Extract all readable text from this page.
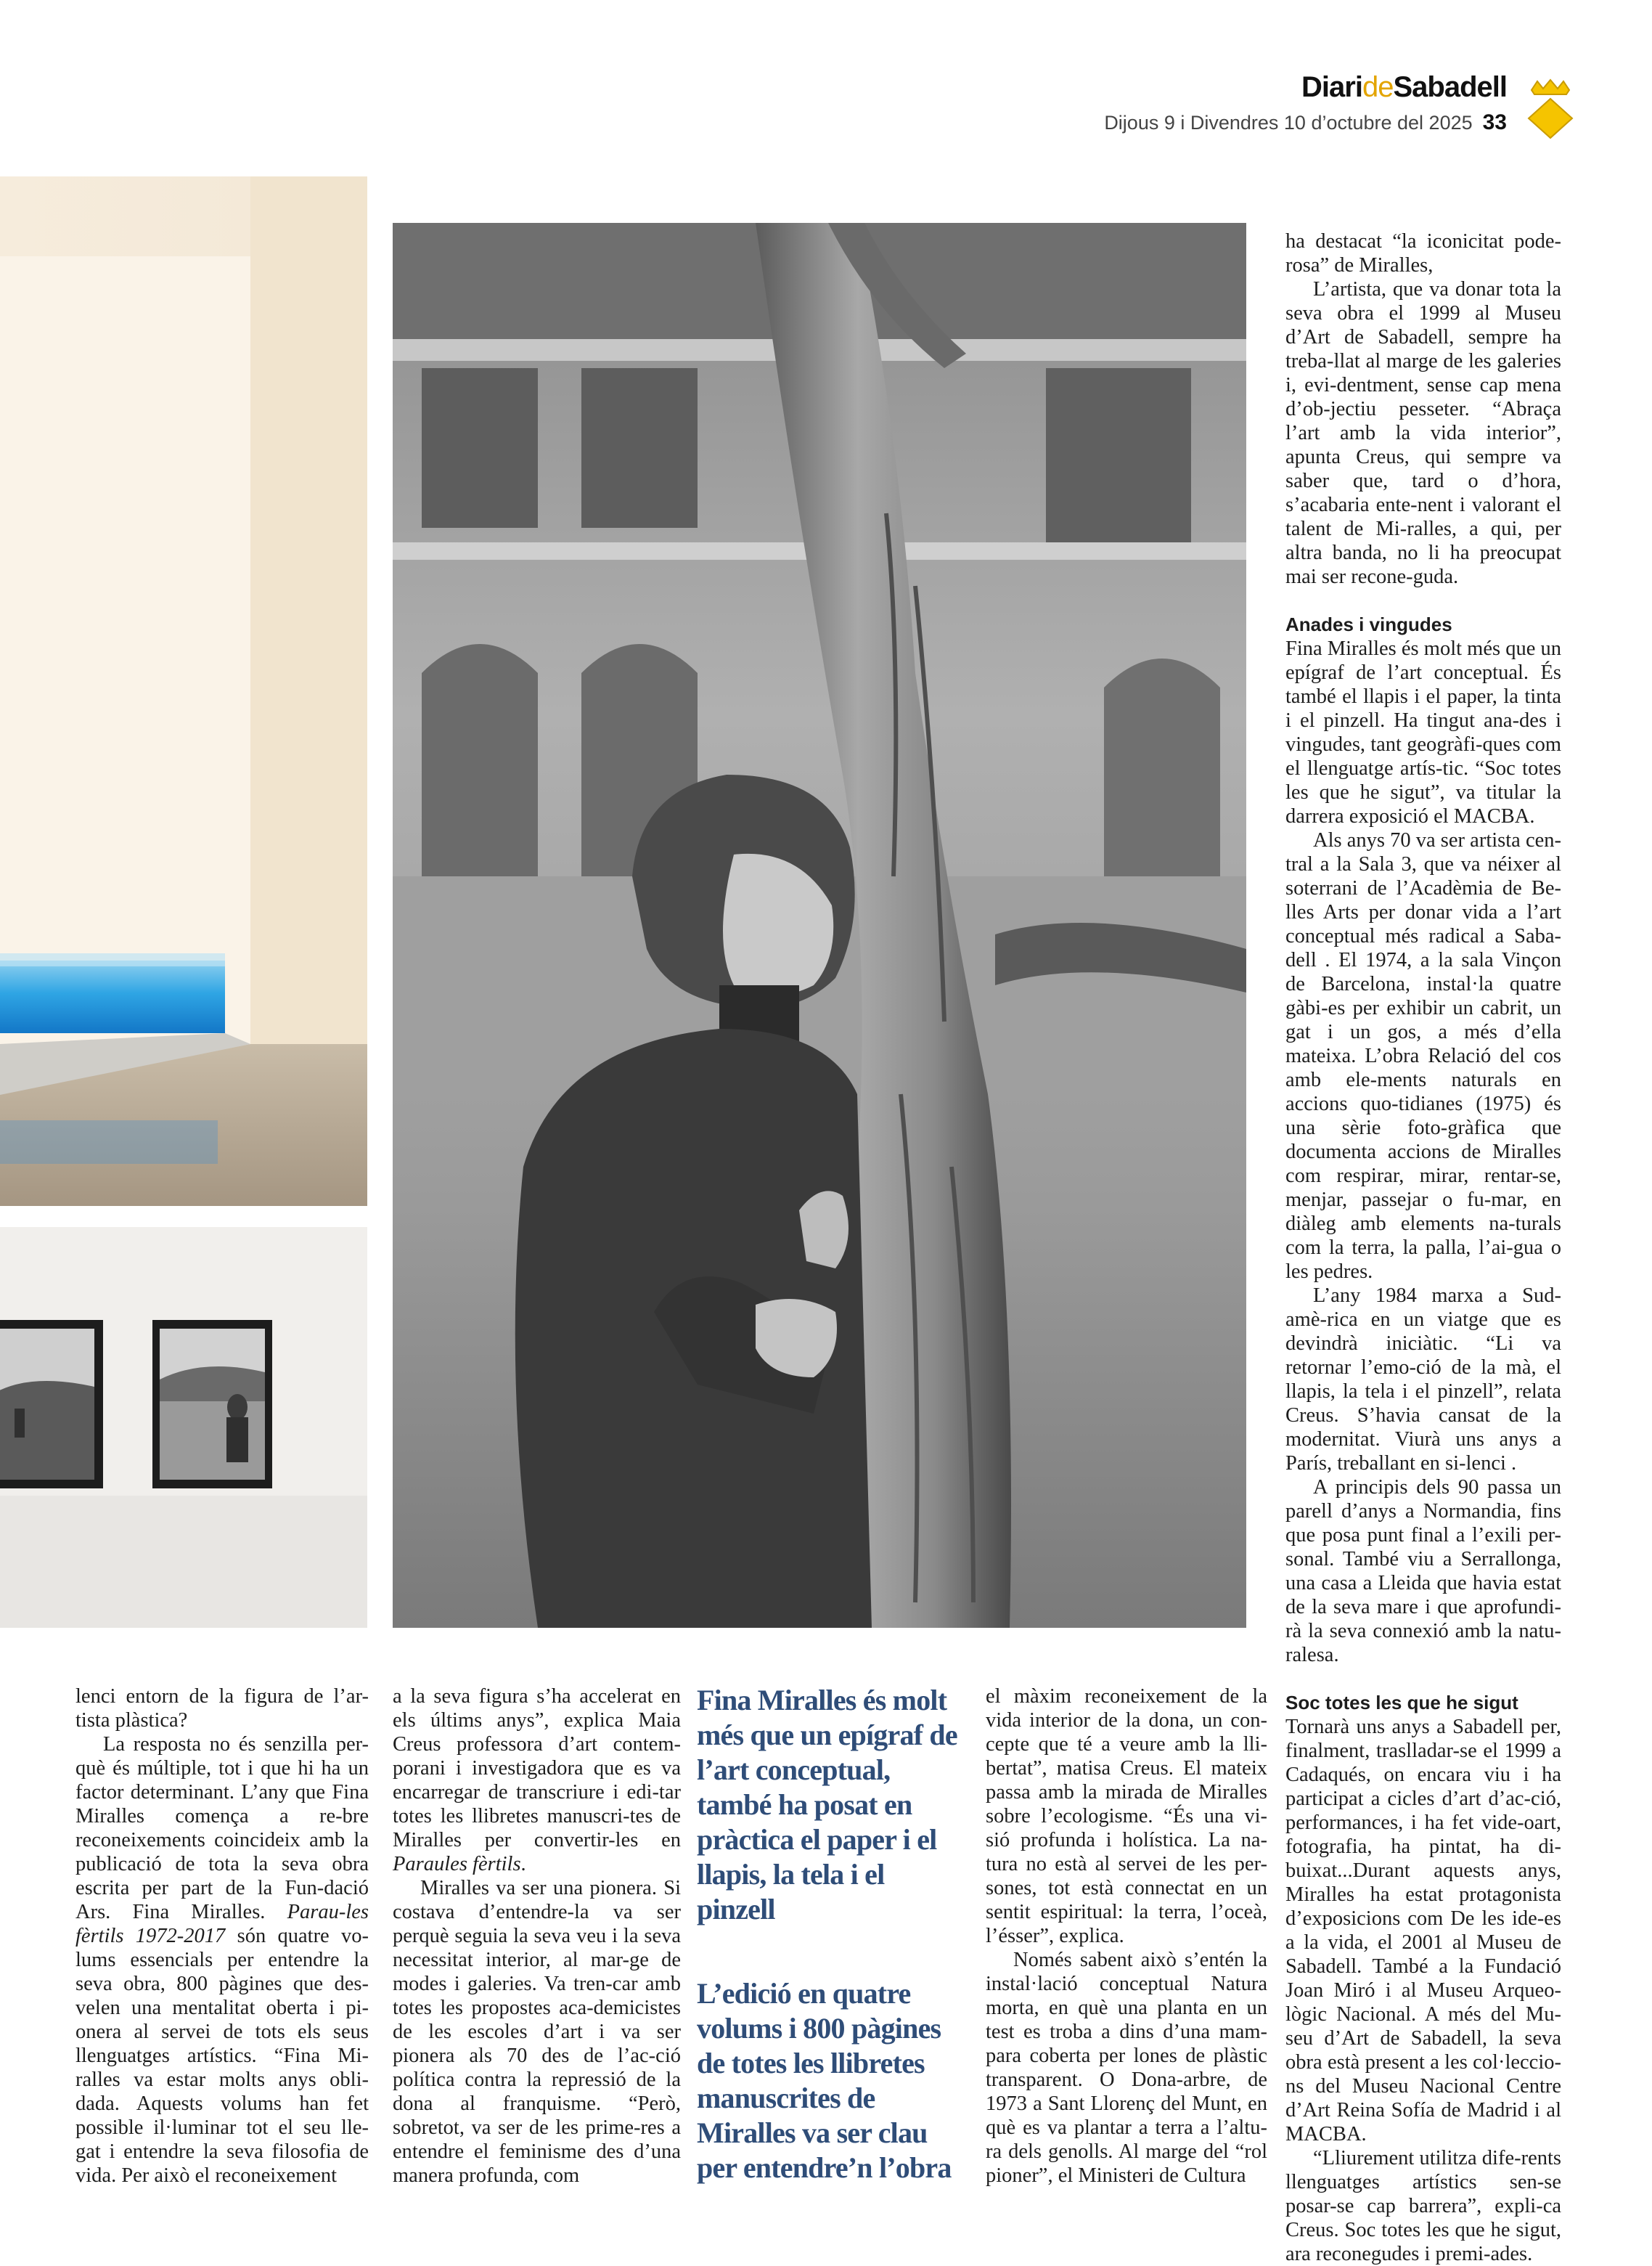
DiarideSabadell
Dijous 9 i Divendres 10 d’octubre del 2025 33

lenci entorn de la figura de l’ar-tista plàstica?

La resposta no és senzilla per-què és múltiple, tot i que hi ha un factor determinant. L’any que Fina Miralles comença a re-bre reconeixements coincideix amb la publicació de tota la seva obra escrita per part de la Fun-dació Ars. Fina Miralles. Parau-les fèrtils 1972-2017 són quatre vo-lums essencials per entendre la seva obra, 800 pàgines que des-velen una mentalitat oberta i pi-onera al servei de tots els seus llenguatges artístics. “Fina Mi-ralles va estar molts anys obli-dada. Aquests volums han fet possible il·luminar tot el seu lle-gat i entendre la seva filosofia de vida. Per això el reconeixement

a la seva figura s’ha accelerat en els últims anys”, explica Maia Creus professora d’art contem-porani i investigadora que es va encarregar de transcriure i edi-tar totes les llibretes manuscri-tes de Miralles per convertir-les en Paraules fèrtils.

Miralles va ser una pionera. Si costava d’entendre-la va ser perquè seguia la seva veu i la seva necessitat interior, al mar-ge de modes i galeries. Va tren-car amb totes les propostes aca-demicistes de les escoles d’art i va ser pionera als 70 des de l’ac-ció política contra la repressió de la dona al franquisme. “Però, sobretot, va ser de les prime-res a entendre el feminisme des d’una manera profunda, com

Fina Miralles és molt més que un epígraf de l’art conceptual, també ha posat en pràctica el paper i el llapis, la tela i el pinzell
L’edició en quatre volums i 800 pàgines de totes les llibretes manuscrites de Miralles va ser clau per entendre’n l’obra

el màxim reconeixement de la vida interior de la dona, un con-cepte que té a veure amb la lli-bertat”, matisa Creus. El mateix passa amb la mirada de Miralles sobre l’ecologisme. “És una vi-sió profunda i holística. La na-tura no està al servei de les per-sones, tot està connectat en un sentit espiritual: la terra, l’oceà, l’ésser”, explica.

Només sabent això s’entén la instal·lació conceptual Natura morta, en què una planta en un test es troba a dins d’una mam-para coberta per lones de plàstic transparent. O Dona-arbre, de 1973 a Sant Llorenç del Munt, en què es va plantar a terra a l’altu-ra dels genolls. Al marge del “rol pioner”, el Ministeri de Cultura

ha destacat “la iconicitat pode-rosa” de Miralles,

L’artista, que va donar tota la seva obra el 1999 al Museu d’Art de Sabadell, sempre ha treba-llat al marge de les galeries i, evi-dentment, sense cap mena d’ob-jectiu pesseter. “Abraça l’art amb la vida interior”, apunta Creus, qui sempre va saber que, tard o d’hora, s’acabaria ente-nent i valorant el talent de Mi-ralles, a qui, per altra banda, no li ha preocupat mai ser recone-guda.

Anades i vingudes

Fina Miralles és molt més que un epígraf de l’art conceptual. És també el llapis i el paper, la tinta i el pinzell. Ha tingut ana-des i vingudes, tant geogràfi-ques com el llenguatge artís-tic. “Soc totes les que he sigut”, va titular la darrera exposició el MACBA.

Als anys 70 va ser artista cen-tral a la Sala 3, que va néixer al soterrani de l’Acadèmia de Be-lles Arts per donar vida a l’art conceptual més radical a Saba-dell . El 1974, a la sala Vinçon de Barcelona, instal·la quatre gàbi-es per exhibir un cabrit, un gat i un gos, a més d’ella mateixa. L’obra Relació del cos amb ele-ments naturals en accions quo-tidianes (1975) és una sèrie foto-gràfica que documenta accions de Miralles com respirar, mirar, rentar-se, menjar, passejar o fu-mar, en diàleg amb elements na-turals com la terra, la palla, l’ai-gua o les pedres.

L’any 1984 marxa a Sud-amè-rica en un viatge que es devindrà iniciàtic. “Li va retornar l’emo-ció de la mà, el llapis, la tela i el pinzell”, relata Creus. S’havia cansat de la modernitat. Viurà uns anys a París, treballant en si-lenci .

A principis dels 90 passa un parell d’anys a Normandia, fins que posa punt final a l’exili per-sonal. També viu a Serrallonga, una casa a Lleida que havia estat de la seva mare i que aprofundi-rà la seva connexió amb la natu-ralesa.

Soc totes les que he sigut

Tornarà uns anys a Sabadell per, finalment, traslladar-se el 1999 a Cadaqués, on encara viu i ha participat a cicles d’art d’ac-ció, performances, i ha fet vide-oart, fotografia, ha pintat, ha di-buixat...Durant aquests anys, Miralles ha estat protagonista d’exposicions com De les ide-es a la vida, el 2001 al Museu de Sabadell. També a la Fundació Joan Miró i al Museu Arqueo-lògic Nacional. A més del Mu-seu d’Art de Sabadell, la seva obra està present a les col·leccio-ns del Museu Nacional Centre d’Art Reina Sofía de Madrid i al MACBA.

“Lliurement utilitza dife-rents llenguatges artístics sen-se posar-se cap barrera”, expli-ca Creus. Soc totes les que he sigut, ara reconegudes i premi-ades.
